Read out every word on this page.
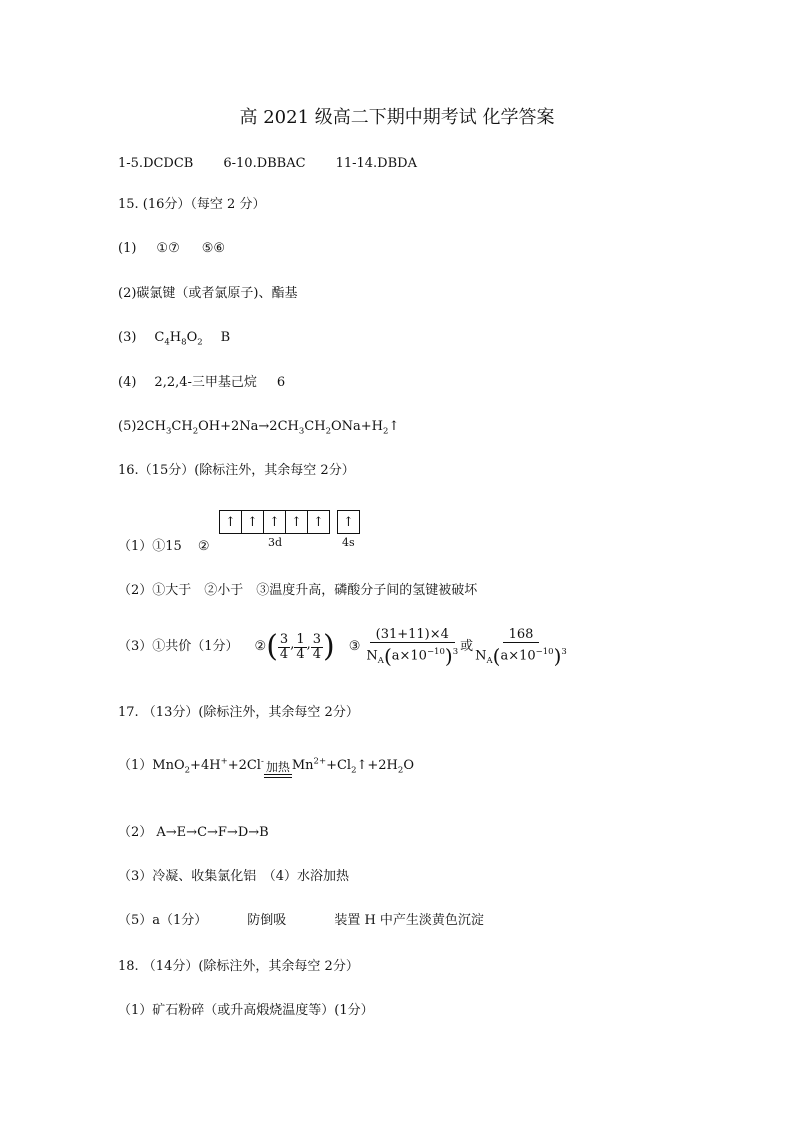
高 2021 级高二下期中期考试 化学答案
1-5.DCDCB 6-10.DBBAC 11-14.DBDA
15. (16分）（每空 2 分）
(1) ①⑦ ⑤⑥
(2)碳氯键（或者氯原子)、酯基
(3) $C_4H_8O_2$ B
(4) 2,2,4-三甲基己烷 6
$(5)2CH_3CH_2OH+2Na\to 2CH_3CH_2ONa+H_2↑$
16.（15分）(除标注外，其余每空 2分）
↑ ↑ ↑ ↑ ↑	↑
3d	4s
（1）①15 ②
（2）①大于　②小于　③温度升高，磷酸分子间的氢键被破坏
（3）①共价（1分） ② ( $\frac{3}{4}$ , $\frac{1}{4}$ , $\frac{3}{4}$ ) ③ $\frac{(31+11)\times 4}{N_A(a\times 10^{-10})^3}$ 或 $\frac{168}{N_A(a\times 10^{-10})^3}$
17. （13分）(除标注外，其余每空 2分）
（1）MnO$_2$+4H++2Cl- 加热 $Mn^{2+}+Cl_2↑+2H_2O$
（2） A→E→C→F→D→B
（3）冷凝、收集氯化铝　（4）水浴加热
（5）a（1分）	防倒吸	装置 H 中产生淡黄色沉淀
18. （14分）(除标注外，其余每空 2分）
（1）矿石粉碎（或升高煅烧温度等）(1分）
